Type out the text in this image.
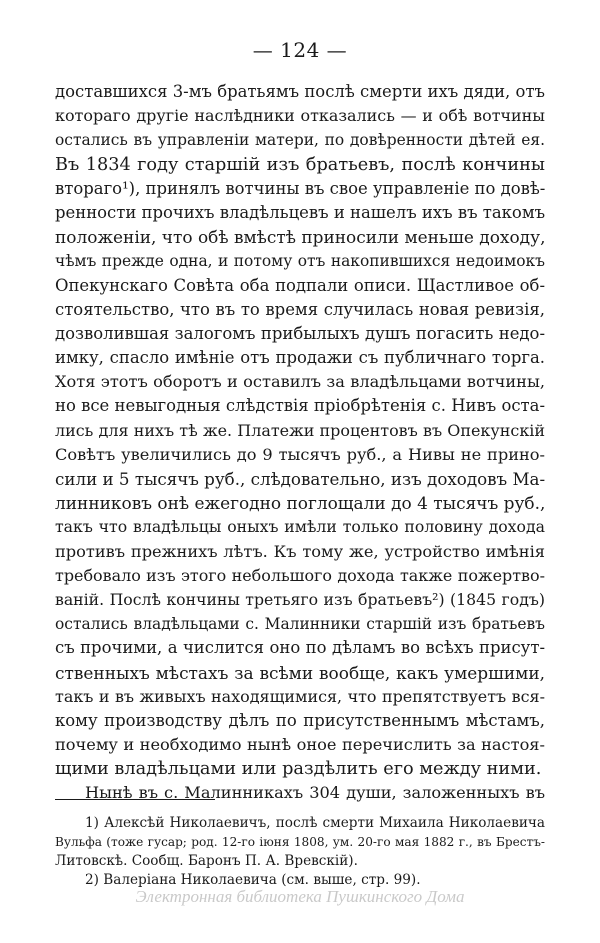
— 124 —
доставшихся 3-мъ братьямъ послѣ смерти ихъ дяди, отъ
котораго другіе наслѣдники отказались — и обѣ вотчины
остались въ управленіи матери, по довѣренности дѣтей ея.
Въ 1834 году старшій изъ братьевъ, послѣ кончины
втораго¹), принялъ вотчины въ свое управленіе по довѣ-
ренности прочихъ владѣльцевъ и нашелъ ихъ въ такомъ
положеніи, что обѣ вмѣстѣ приносили меньше доходу,
чѣмъ прежде одна, и потому отъ накопившихся недоимокъ
Опекунскаго Совѣта оба подпали описи. Щастливое об-
стоятельство, что въ то время случилась новая ревизія,
дозволившая залогомъ прибылыхъ душъ погасить недо-
имку, спасло имѣніе отъ продажи съ публичнаго торга.
Хотя этотъ оборотъ и оставилъ за владѣльцами вотчины,
но все невыгодныя слѣдствія пріобрѣтенія с. Нивъ оста-
лись для нихъ тѣ же. Платежи процентовъ въ Опекунскій
Совѣтъ увеличились до 9 тысячъ руб., а Нивы не прино-
сили и 5 тысячъ руб., слѣдовательно, изъ доходовъ Ма-
линниковъ онѣ ежегодно поглощали до 4 тысячъ руб.,
такъ что владѣльцы оныхъ имѣли только половину дохода
противъ прежнихъ лѣтъ. Къ тому же, устройство имѣнія
требовало изъ этого небольшого дохода также пожертво-
ваній. Послѣ кончины третьяго изъ братьевъ²) (1845 годъ)
остались владѣльцами с. Малинники старшій изъ братьевъ
съ прочими, а числится оно по дѣламъ во всѣхъ присут-
ственныхъ мѣстахъ за всѣми вообще, какъ умершими,
такъ и въ живыхъ находящимися, что препятствуетъ вся-
кому производству дѣлъ по присутственнымъ мѣстамъ,
почему и необходимо нынѣ оное перечислить за настоя-
щими владѣльцами или раздѣлить его между ними.
Нынѣ въ с. Малинникахъ 304 души, заложенныхъ въ
1) Алексѣй Николаевичъ, послѣ смерти Михаила Николаевича
Вульфа (тоже гусар; род. 12-го іюня 1808, ум. 20-го мая 1882 г., въ Брестъ-
Литовскѣ. Сообщ. Баронъ П. А. Вревскій).
2) Валеріана Николаевича (см. выше, стр. 99).
Электронная библиотека Пушкинского Дома
